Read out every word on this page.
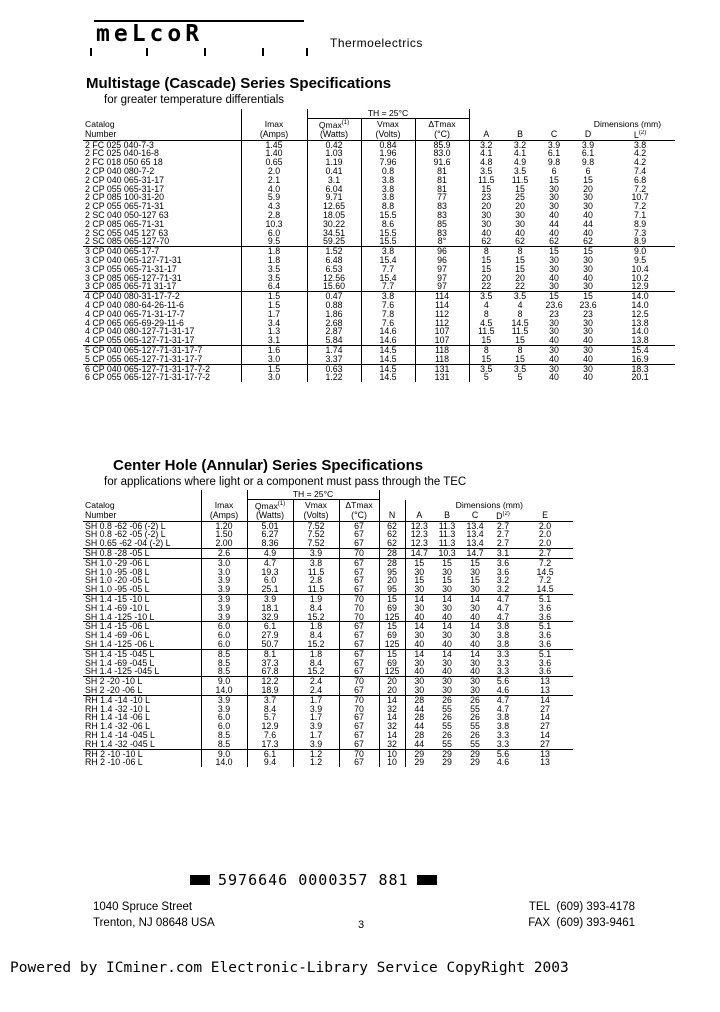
meLcoR	Thermoelectrics
Multistage (Cascade) Series Specifications
for greater temperature differentials
		TH = 25°C							
Catalog	Imax	Qmax$^{(1)}$	Vmax	ΔTmax	Dimensions (mm)				
Number	(Amps)	(Watts)	(Volts)	(°C)	A	B	C	D	$L^{(2)}$
2 FC 025 040-7-3	1.45	0.42	0.84	85.9	3.2	3.2	3.9	3.9	3.8
2 FC 025 040-16-8	1.40	1.03	1.96	83.0	4.1	4.1	6.1	6.1	4.2
2 FC 018 050 65 18	0.65	1.19	7.96	91.6	4.8	4.9	9.8	9.8	4.2
2 CP 040 080-7-2	2.0	0.41	0.8	81	3.5	3.5	6	6	7.4
2 CP 040 065-31-17	2.1	3.1	3.8	81	11.5	11.5	15	15	6.8
2 CP 055 065-31-17	4.0	6.04	3.8	81	15	15	30	20	7.2
2 CP 085 100-31-20	5.9	9.71	3.8	77	23	25	30	30	10.7
2 CP 055 065-71-31	4.3	12.65	8.8	83	20	20	30	30	7.2
2 SC 040 050-127 63	2.8	18.05	15.5	83	30	30	40	40	7.1
2 CP 085 065-71-31	10.3	30.22	8.6	85	30	30	44	44	8.9
2 SC 055 045 127 63	6.0	34.51	15.5	83	40	40	40	40	7.3
2 SC 085 065-127-70	9.5	59.25	15.5	8°	62	62	62	62	8.9
3 CP 040 065-17-7	1.8	1.52	3.8	96	8	8	15	15	9.0
3 CP 040 065-127-71-31	1.8	6.48	15.4	96	15	15	30	30	9.5
3 CP 055 065-71-31-17	3.5	6.53	7.7	97	15	15	30	30	10.4
3 CP 085 065-127-71-31	3.5	12.56	15.4	97	20	20	40	40	10.2
3 CP 085 065-71 31-17	6.4	15.60	7.7	97	22	22	30	30	12.9
4 CP 040 080-31-17-7-2	1.5	0.47	3.8	114	3.5	3.5	15	15	14.0
4 CP 040 080-64-26-11-6	1.5	0.88	7.6	114	4	4	23.6	23.6	14.0
4 CP 040 065-71-31-17-7	1.7	1.86	7.8	112	8	8	23	23	12.5
4 CP 065 065-69-29-11-6	3.4	2.68	7.6	112	4.5	14.5	30	30	13.8
4 CP 040 080-127-71-31-17	1.3	2.87	14.6	107	11.5	11.5	30	30	14.0
4 CP 055 065-127-71-31-17	3.1	5.84	14.6	107	15	15	40	40	13.8
5 CP 040 065-127-71-31-17-7	1.6	1.74	14.5	118	8	8	30	30	15.4
5 CP 055 065-127-71-31-17-7	3.0	3.37	14.5	118	15	15	40	40	16.9
6 CP 040 065-127-71-31-17-7-2	1.5	0.63	14.5	131	3.5	3.5	30	30	18.3
6 CP 055 065-127-71-31-17-7-2	3.0	1.22	14.5	131	5	5	40	40	20.1
Center Hole (Annular) Series Specifications
for applications where light or a component must pass through the TEC
		TH = 25°C								
Catalog	Imax	Qmax$^{(1)}$	Vmax	ΔTmax		Dimensions (mm)				
Number	(Amps)	(Watts)	(Volts)	(°C)	N	A	B	C	$D^{(2)}$	E
SH 0.8 -62 -06 (-2) L	1.20	5.01	7.52	67	62	12.3	11.3	13.4	2.7	2.0
SH 0.8 -62 -05 (-2) L	1.50	6.27	7.52	67	62	12.3	11.3	13.4	2.7	2.0
SH 0.65 -62 -04 (-2) L	2.00	8.36	7.52	67	62	12.3	11.3	13.4	2.7	2.0
SH 0.8 -28 -05 L	2.6	4.9	3.9	70	28	14.7	10.3	14.7	3.1	2.7
SH 1.0 -29 -06 L	3.0	4.7	3.8	67	28	15	15	15	3.6	7.2
SH 1.0 -95 -08 L	3.0	19.3	11.5	67	95	30	30	30	3.6	14.5
SH 1.0 -20 -05 L	3.9	6.0	2.8	67	20	15	15	15	3.2	7.2
SH 1.0 -95 -05 L	3.9	25.1	11.5	67	95	30	30	30	3.2	14.5
SH 1.4 -15 -10 L	3.9	3.9	1.9	70	15	14	14	14	4.7	5.1
SH 1.4 -69 -10 L	3.9	18.1	8.4	70	69	30	30	30	4.7	3.6
SH 1.4 -125 -10 L	3.9	32.9	15.2	70	125	40	40	40	4.7	3.6
SH 1.4 -15 -06 L	6.0	6.1	1.8	67	15	14	14	14	3.8	5.1
SH 1.4 -69 -06 L	6.0	27.9	8.4	67	69	30	30	30	3.8	3.6
SH 1.4 -125 -06 L	6.0	50.7	15.2	67	125	40	40	40	3.8	3.6
SH 1.4 -15 -045 L	8.5	8.1	1.8	67	15	14	14	14	3.3	5.1
SH 1.4 -69 -045 L	8.5	37.3	8.4	67	69	30	30	30	3.3	3.6
SH 1.4 -125 -045 L	8.5	67.8	15.2	67	125	40	40	40	3.3	3.6
SH 2 -20 -10 L	9.0	12.2	2.4	70	20	30	30	30	5.6	13
SH 2 -20 -06 L	14.0	18.9	2.4	67	20	30	30	30	4.6	13
RH 1.4 -14 -10 L	3.9	3.7	1.7	70	14	28	26	26	4.7	14
RH 1.4 -32 -10 L	3.9	8.4	3.9	70	32	44	55	55	4.7	27
RH 1.4 -14 -06 L	6.0	5.7	1.7	67	14	28	26	26	3.8	14
RH 1.4 -32 -06 L	6.0	12.9	3.9	67	32	44	55	55	3.8	27
RH 1.4 -14 -045 L	8.5	7.6	1.7	67	14	28	26	26	3.3	14
RH 1.4 -32 -045 L	8.5	17.3	3.9	67	32	44	55	55	3.3	27
RH 2 -10 -10 L	9.0	6.1	1.2	70	10	29	29	29	5.6	13
RH 2 -10 -06 L	14.0	9.4	1.2	67	10	29	29	29	4.6	13
5976646 0000357 881
1040 Spruce Street
Trenton, NJ 08648 USA	3
TEL (609) 393-4178
FAX (609) 393-9461
Powered by ICminer.com Electronic-Library Service CopyRight 2003
